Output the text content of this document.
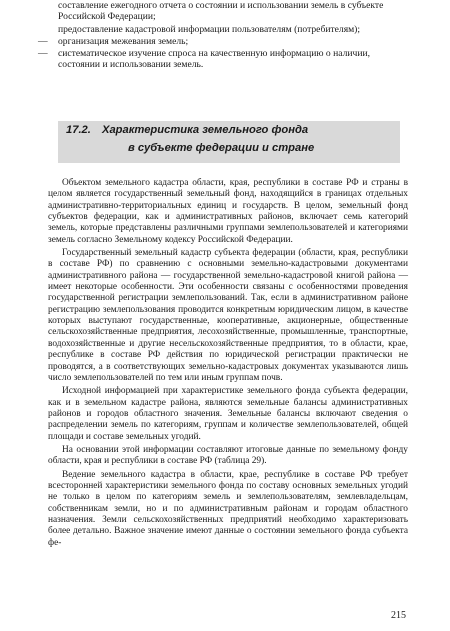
составление ежегодного отчета о состоянии и использовании земель в субъекте Российской Федерации;

предоставление кадастровой информации пользователям (потребителям);

— организация межевания земель;

— систематическое изучение спроса на качественную информацию о наличии, состоянии и использовании земель.

17.2. Характеристика земельного фонда
в субъекте федерации и стране

Объектом земельного кадастра области, края, республики в составе РФ и страны в целом является государственный земельный фонд, находящийся в границах отдельных административно-территориальных единиц и государств. В целом, земельный фонд субъектов федерации, как и административных районов, включает семь категорий земель, которые представлены различными группами землепользователей и категориями земель согласно Земельному кодексу Российской Федерации.

Государственный земельный кадастр субъекта федерации (области, края, республики в составе РФ) по сравнению с основными земельно-кадастровыми документами административного района — государственной земельно-кадастровой книгой района — имеет некоторые особенности. Эти особенности связаны с особенностями проведения государственной регистрации землепользований. Так, если в административном районе регистрацию землепользования проводится конкретным юридическим лицом, в качестве которых выступают государственные, кооперативные, акционерные, общественные сельскохозяйственные предприятия, лесохозяйственные, промышленные, транспортные, водохозяйственные и другие несельскохозяйственные предприятия, то в области, крае, республике в составе РФ действия по юридической регистрации практически не проводятся, а в соответствующих земельно-кадастровых документах указываются лишь число землепользователей по тем или иным группам почв.

Исходной информацией при характеристике земельного фонда субъекта федерации, как и в земельном кадастре района, являются земельные балансы административных районов и городов областного значения. Земельные балансы включают сведения о распределении земель по категориям, группам и количестве землепользователей, общей площади и составе земельных угодий.

На основании этой информации составляют итоговые данные по земельному фонду области, края и республики в составе РФ (таблица 29).

Ведение земельного кадастра в области, крае, республике в составе РФ требует всесторонней характеристики земельного фонда по составу основных земельных угодий не только в целом по категориям земель и землепользователям, землевладельцам, собственникам земли, но и по административным районам и городам областного назначения. Земли сельскохозяйственных предприятий необходимо характеризовать более детально. Важное значение имеют данные о состоянии земельного фонда субъекта фе-

215
